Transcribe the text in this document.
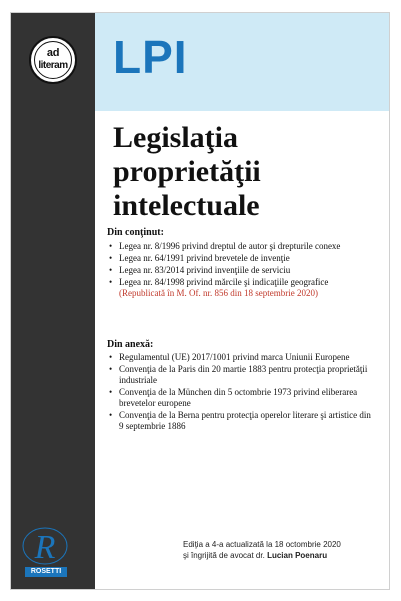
ad
literam LPI
Legislaţia
proprietăţii
intelectuale
Din conţinut:
• Legea nr. 8/1996 privind dreptul de autor şi drepturile conexe
• Legea nr. 64/1991 privind brevetele de invenţie
• Legea nr. 83/2014 privind invenţiile de serviciu
• Legea nr. 84/1998 privind mărcile şi indicaţiile geografice
(Republicată în M. Of. nr. 856 din 18 septembrie 2020)
Din anexă:
• Regulamentul (UE) 2017/1001 privind marca Uniunii Europene
• Convenţia de la Paris din 20 martie 1883 pentru protecţia proprietăţii industriale
• Convenţia de la München din 5 octombrie 1973 privind eliberarea brevetelor europene
• Convenţia de la Berna pentru protecţia operelor literare şi artistice din 9 septembrie 1886
R
ROSETTI
Ediţia a 4-a actualizată la 18 octombrie 2020
şi îngrijită de avocat dr. Lucian Poenaru
